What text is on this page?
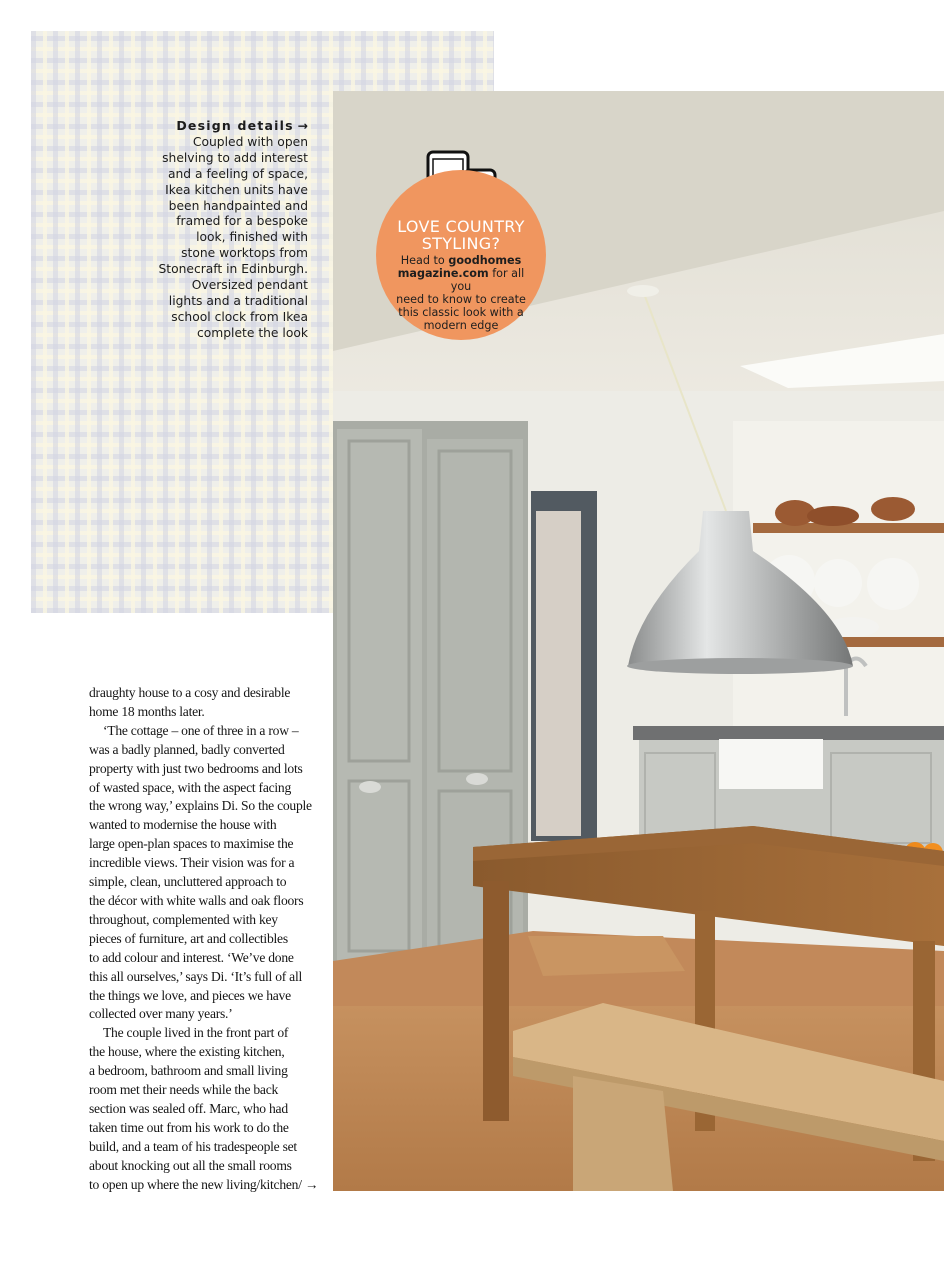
Design details →
Coupled with open
shelving to add interest
and a feeling of space,
Ikea kitchen units have
been handpainted and
framed for a bespoke
look, finished with
stone worktops from
Stonecraft in Edinburgh.
Oversized pendant
lights and a traditional
school clock from Ikea
complete the look
LOVE COUNTRY
STYLING?
Head to goodhomes
magazine.com for all you
need to know to create
this classic look with a
modern edge

draughty house to a cosy and desirable

home 18 months later.

‘The cottage – one of three in a row –

was a badly planned, badly converted

property with just two bedrooms and lots

of wasted space, with the aspect facing

the wrong way,’ explains Di. So the couple

wanted to modernise the house with

large open-plan spaces to maximise the

incredible views. Their vision was for a

simple, clean, uncluttered approach to

the décor with white walls and oak floors

throughout, complemented with key

pieces of furniture, art and collectibles

to add colour and interest. ‘We’ve done

this all ourselves,’ says Di. ‘It’s full of all

the things we love, and pieces we have

collected over many years.’

The couple lived in the front part of

the house, where the existing kitchen,

a bedroom, bathroom and small living

room met their needs while the back

section was sealed off. Marc, who had

taken time out from his work to do the

build, and a team of his tradespeople set

about knocking out all the small rooms

to open up where the new living/kitchen/ →
